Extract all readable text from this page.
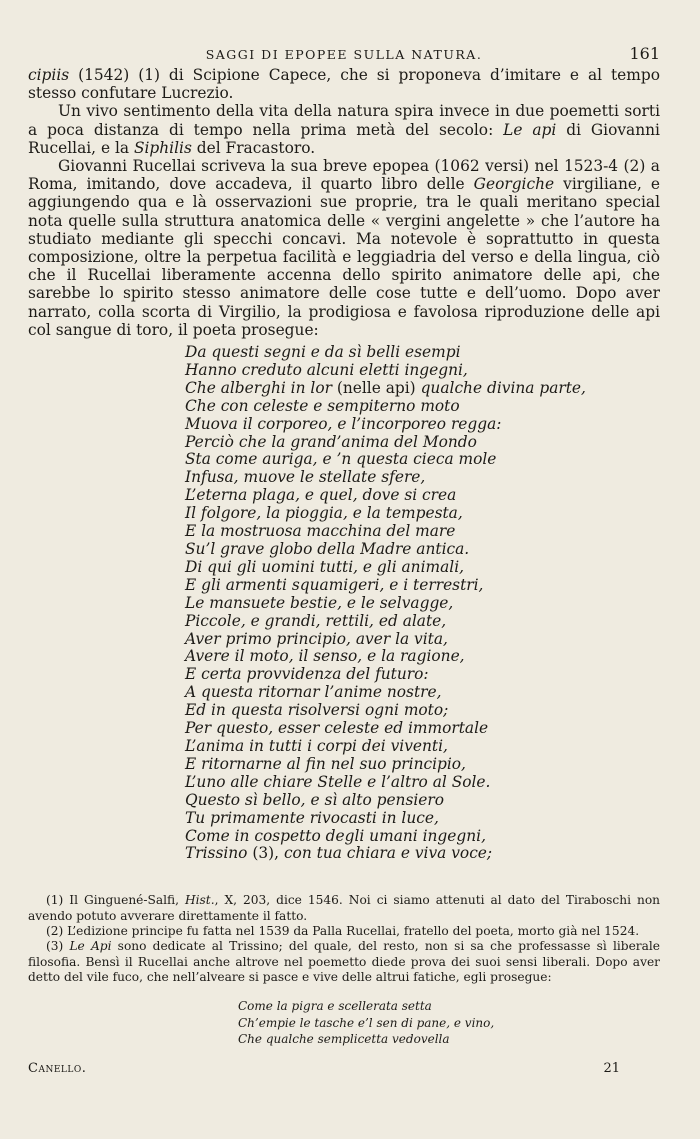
SAGGI DI EPOPEE SULLA NATURA.	161

cipiis (1542) (1) di Scipione Capece, che si proponeva d’imitare e al tempo stesso confutare Lucrezio.

Un vivo sentimento della vita della natura spira invece in due poemetti sorti a poca distanza di tempo nella prima metà del secolo: Le api di Giovanni Rucellai, e la Siphilis del Fracastoro.

Giovanni Rucellai scriveva la sua breve epopea (1062 versi) nel 1523-4 (2) a Roma, imitando, dove accadeva, il quarto libro delle Georgiche virgiliane, e aggiungendo qua e là osservazioni sue proprie, tra le quali meritano special nota quelle sulla struttura anatomica delle « vergini angelette » che l’autore ha studiato mediante gli specchi concavi. Ma notevole è soprattutto in questa composizione, oltre la perpetua facilità e leggiadria del verso e della lingua, ciò che il Rucellai liberamente accenna dello spirito animatore delle api, che sarebbe lo spirito stesso animatore delle cose tutte e dell’uomo. Dopo aver narrato, colla scorta di Virgilio, la prodigiosa e favolosa riproduzione delle api col sangue di toro, il poeta prosegue:

Da questi segni e da sì belli esempi
Hanno creduto alcuni eletti ingegni,
Che alberghi in lor (nelle api) qualche divina parte,
Che con celeste e sempiterno moto
Muova il corporeo, e l’incorporeo regga:
Perciò che la grand’anima del Mondo
Sta come auriga, e ’n questa cieca mole
Infusa, muove le stellate sfere,
L’eterna plaga, e quel, dove si crea
Il folgore, la pioggia, e la tempesta,
E la mostruosa macchina del mare
Su’l grave globo della Madre antica.
Di qui gli uomini tutti, e gli animali,
E gli armenti squamigeri, e i terrestri,
Le mansuete bestie, e le selvagge,
Piccole, e grandi, rettili, ed alate,
Aver primo principio, aver la vita,
Avere il moto, il senso, e la ragione,
E certa provvidenza del futuro:
A questa ritornar l’anime nostre,
Ed in questa risolversi ogni moto;
Per questo, esser celeste ed immortale
L’anima in tutti i corpi dei viventi,
E ritornarne al fin nel suo principio,
L’uno alle chiare Stelle e l’altro al Sole.
Questo sì bello, e sì alto pensiero
Tu primamente rivocasti in luce,
Come in cospetto degli umani ingegni,
Trissino (3), con tua chiara e viva voce;

(1) Il Ginguené-Salfi, Hist., X, 203, dice 1546. Noi ci siamo attenuti al dato del Tiraboschi non avendo potuto avverare direttamente il fatto.

(2) L’edizione principe fu fatta nel 1539 da Palla Rucellai, fratello del poeta, morto già nel 1524.

(3) Le Api sono dedicate al Trissino; del quale, del resto, non si sa che professasse sì liberale filosofia. Bensì il Rucellai anche altrove nel poemetto diede prova dei suoi sensi liberali. Dopo aver detto del vile fuco, che nell’alveare si pasce e vive delle altrui fatiche, egli prosegue:

Come la pigra e scellerata setta
Ch’empie le tasche e’l sen di pane, e vino,
Che qualche semplicetta vedovella
Canello.	21
